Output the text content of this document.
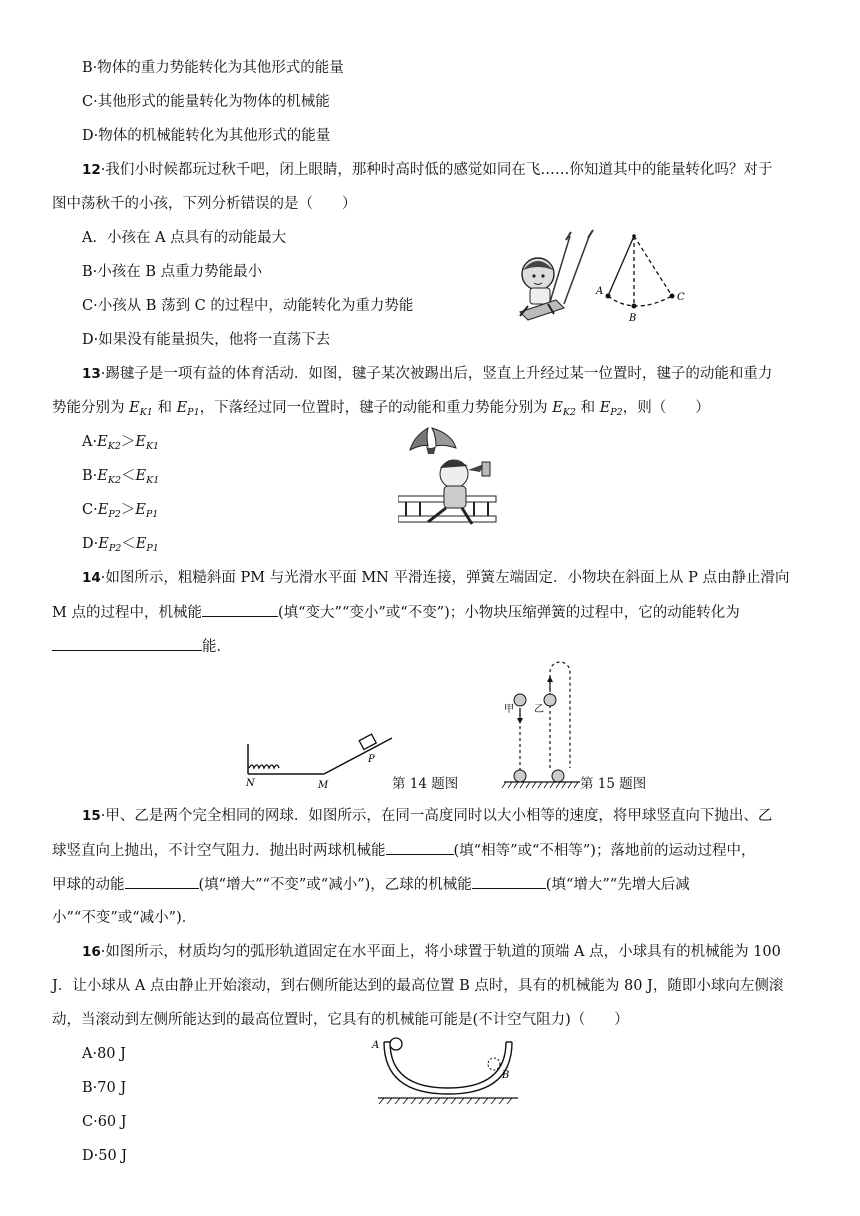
B·物体的重力势能转化为其他形式的能量
C·其他形式的能量转化为物体的机械能
D·物体的机械能转化为其他形式的能量
12·我们小时候都玩过秋千吧，闭上眼睛，那种时高时低的感觉如同在飞……你知道其中的能量转化吗？对于
图中荡秋千的小孩，下列分析错误的是（　　）
A．小孩在 A 点具有的动能最大
B·小孩在 B 点重力势能最小
C·小孩从 B 荡到 C 的过程中，动能转化为重力势能
D·如果没有能量损失，他将一直荡下去
A
B
C
13·踢毽子是一项有益的体育活动．如图，毽子某次被踢出后，竖直上升经过某一位置时，毽子的动能和重力
势能分别为 $E_{K1}$ 和 $E_{P1}$，下落经过同一位置时，毽子的动能和重力势能分别为 $E_{K2}$ 和 $E_{P2}$，则（　　）
$A\cdot E_{K2}>E_{K1}$
$B\cdot E_{K2}<E_{K1}$
$C\cdot E_{P2}>E_{P1}$
$D\cdot E_{P2}<E_{P1}$
14·如图所示，粗糙斜面 PM 与光滑水平面 MN 平滑连接，弹簧左端固定．小物块在斜面上从 P 点由静止滑向
M 点的过程中，机械能	(填“变大”“变小”或“不变”)；小物块压缩弹簧的过程中，它的动能转化为
能．
N	M
P
第 14 题图
甲 乙
第 15 题图
15·甲、乙是两个完全相同的网球．如图所示，在同一高度同时以大小相等的速度，将甲球竖直向下抛出、乙
球竖直向上抛出，不计空气阻力．抛出时两球机械能	(填“相等”或“不相等”)；落地前的运动过程中，
甲球的动能	(填“增大”“不变”或“减小”)，乙球的机械能	(填“增大”“先增大后减
小”“不变”或“减小”)．
16·如图所示，材质均匀的弧形轨道固定在水平面上，将小球置于轨道的顶端 A 点，小球具有的机械能为 100
J．让小球从 A 点由静止开始滚动，到右侧所能达到的最高位置 B 点时，具有的机械能为 80 J，随即小球向左侧滚
动，当滚动到左侧所能达到的最高位置时，它具有的机械能可能是(不计空气阻力)（　　）
A·80 J
B·70 J
C·60 J
D·50 J
A
B
